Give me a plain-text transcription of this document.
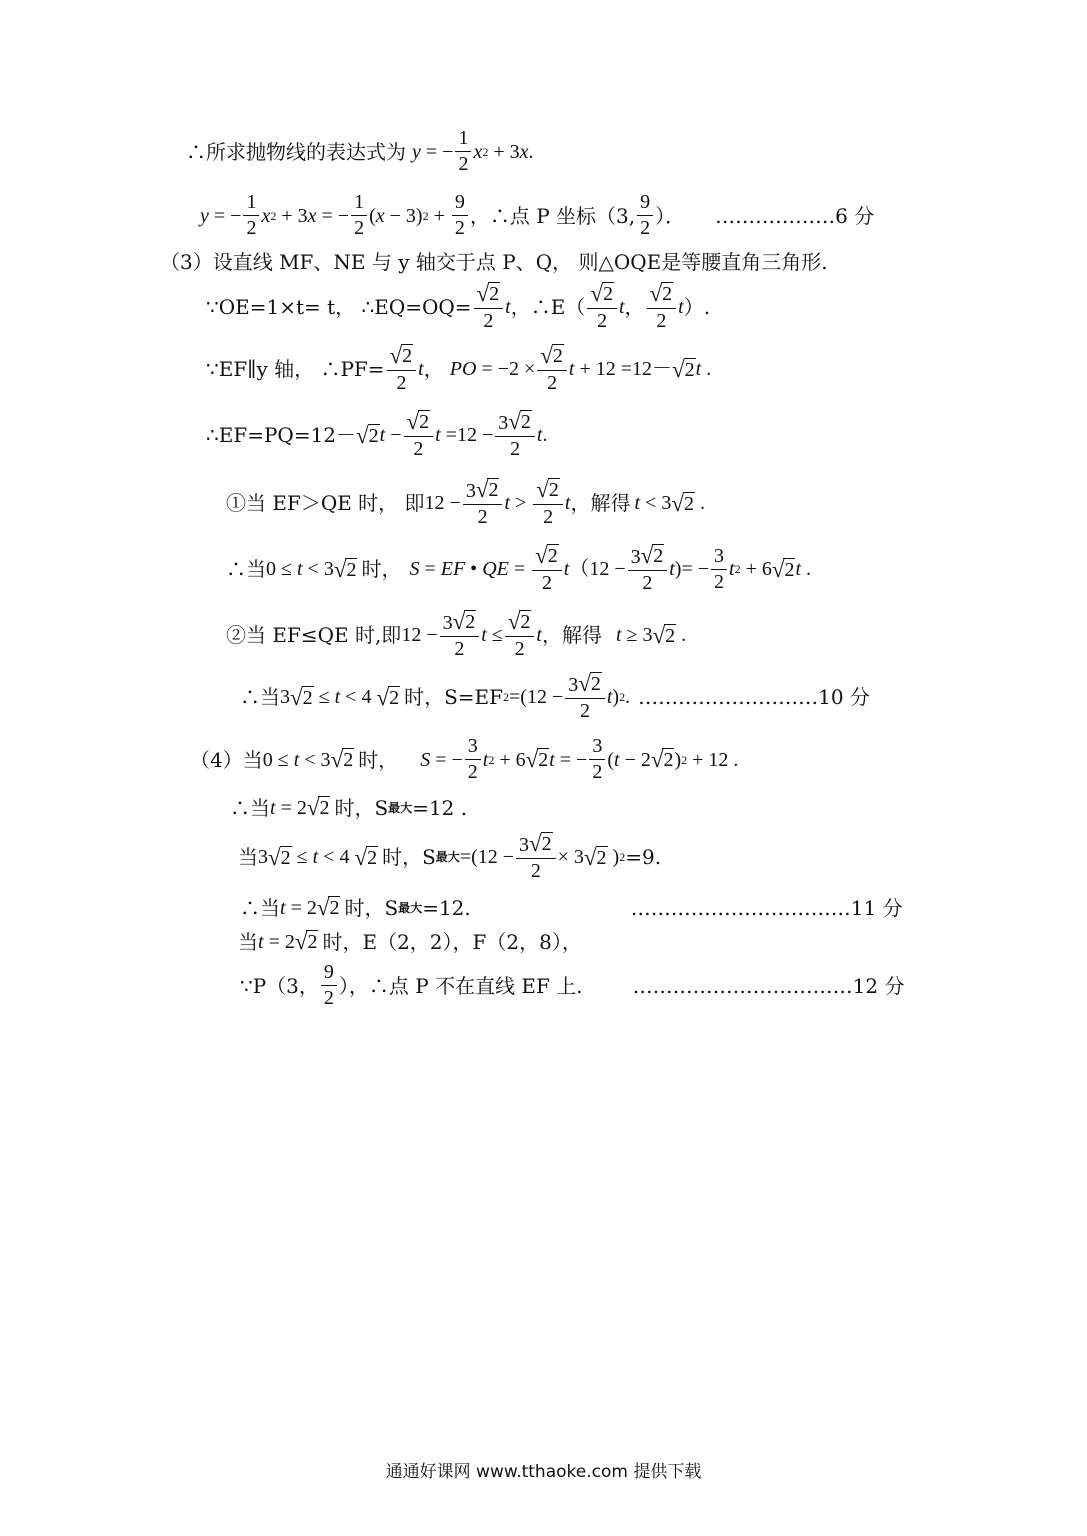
∴所求抛物线的表达式为 y = − $\frac{1}{2}$ x 2 + 3 x .
y = − $\frac{1}{2}$ x 2 + 3 x = − $\frac{1}{2}$ ( x − 3) $2 + \frac{9}{2}$ ，∴点 P 坐标（3, $\frac{9}{2}$ ）． ………………6 分
（3）设直线 MF、NE 与 y 轴交于点 P、Q， 则△OQE是等腰直角三角形.
∵OE=1×t= t， ∴EQ=OQ= $\frac{√ 2}{2}$ t ，∴E（ $\frac{√ 2}{2}$ t ， $\frac{√ 2}{2}$ t ）.
∵EF∥y 轴， ∴PF= $\frac{√ 2}{2}$ t ， PO = $-2 \times \frac{√ 2}{2}$ t + 12 =12－ √ 2 t .
∴EF=PQ=12－ √ 2 $t - \frac{√ 2}{2}$ $t =12 - \frac{3 √ 2}{2}$ t .
①当 EF＞QE 时， 即 $12 - \frac{3 √ 2}{2}$ $t > \frac{√ 2}{2}$ t ，解得 t < 3 √ 2 .
∴当 0 ≤ t < 3 √ 2 时， S = EF • QE = $\frac{√ 2}{2}$ t （$12 - \frac{3 √ 2}{2}$ t )= − $\frac{3}{2}$ t 2 + 6 √ 2 t .
②当 EF≤QE 时,即 $12 - \frac{3 √ 2}{2}$ $t \le \frac{√ 2}{2}$ t ，解得 t ≥ 3 √ 2 .
∴当 3 √ 2 ≤ t < 4 √ 2 时，S=EF $2 =(12 - \frac{3 √ 2}{2}$ t ) 2 . ………………………10 分
（4）当 0 ≤ t < 3 √ 2 时， S = − $\frac{3}{2}$ t 2 + 6 √ 2 t = − $\frac{3}{2}$ ( t − 2 √ 2 ) 2 + 12 .
∴当 t = 2 √ 2 时，S 最大 =12 .
当 3 √ 2 ≤ t < 4 √ 2 时，S 最大 $=(12 - \frac{3 √ 2}{2} \times 3$ √ 2 ) 2 =9.
∴当 t = 2 √ 2 时，S 最大 =12.	……………………………11 分
当 t = 2 √ 2 时，E（2，2），F（2，8），
∵P（3， $\frac{9}{2}$ ），∴点 P 不在直线 EF 上.	……………………………12 分
通通好课网 www.tthaoke.com 提供下载
